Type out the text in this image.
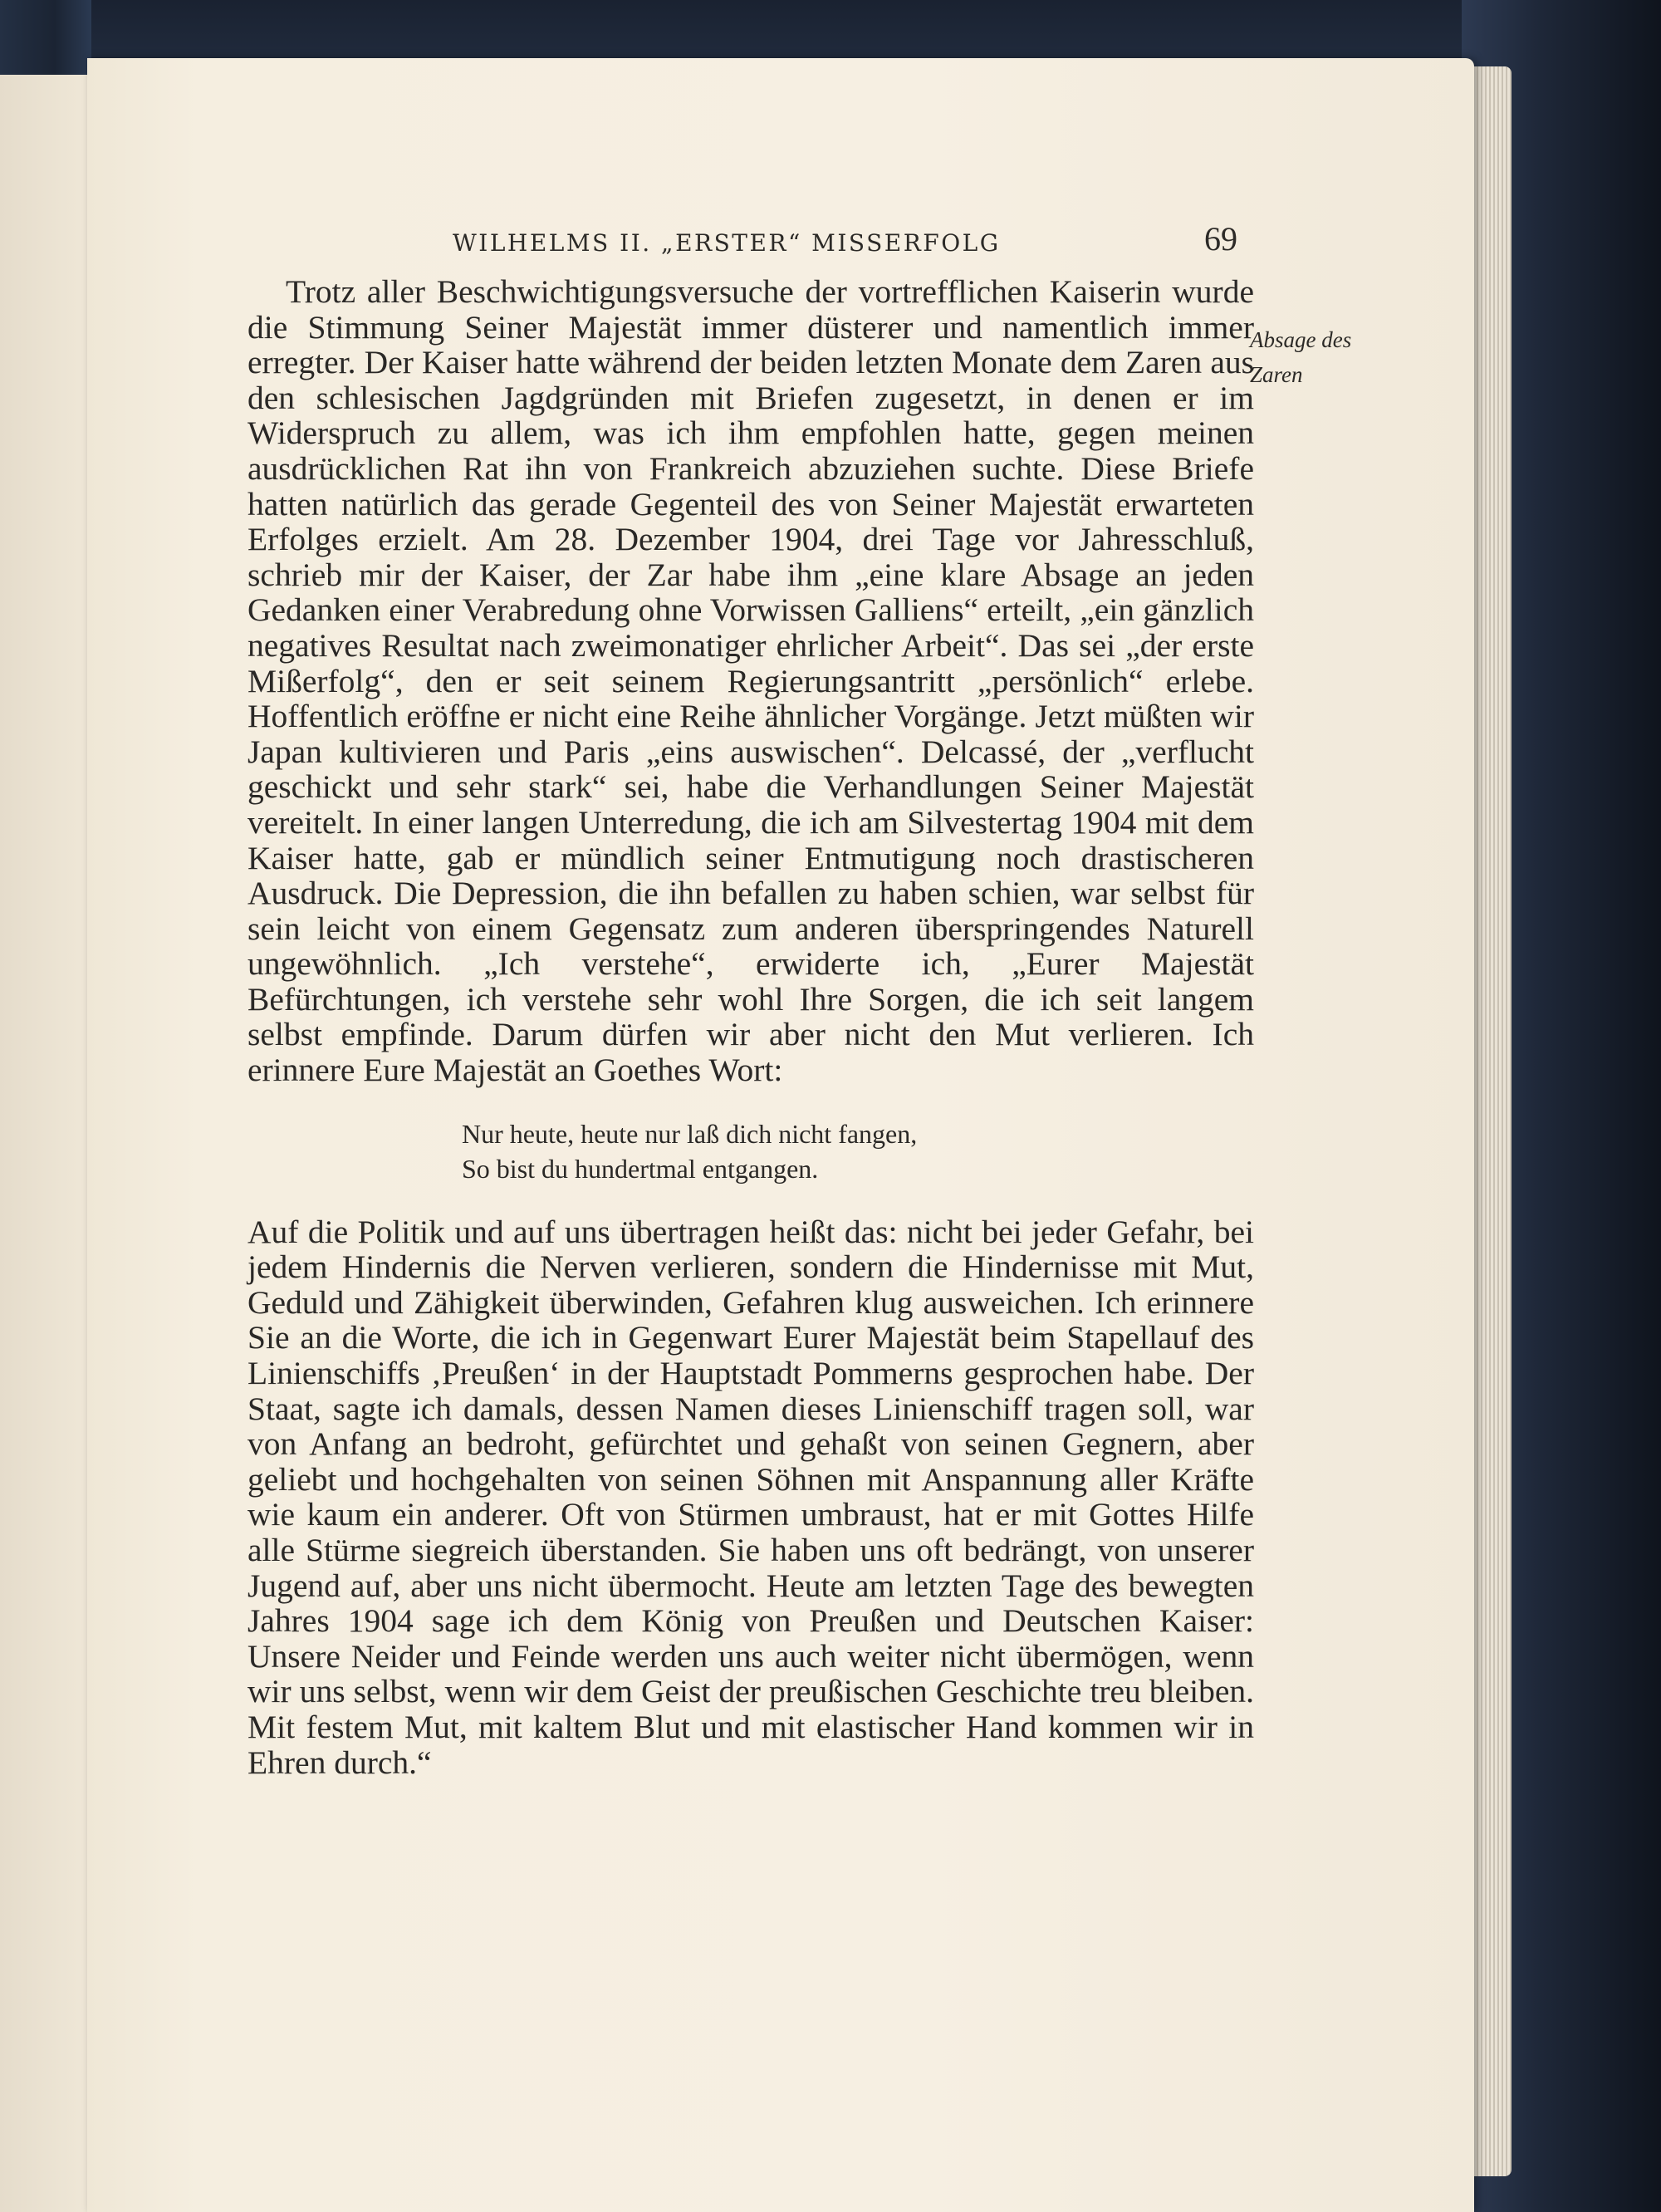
WILHELMS II. „ERSTER“ MISSERFOLG	69
Absage des
Zaren

Trotz aller Beschwichtigungsversuche der vortrefflichen Kaiserin wurde die Stimmung Seiner Majestät immer düsterer und namentlich immer erregter. Der Kaiser hatte während der beiden letzten Monate dem Zaren aus den schlesischen Jagdgründen mit Briefen zugesetzt, in denen er im Widerspruch zu allem, was ich ihm empfohlen hatte, gegen meinen ausdrücklichen Rat ihn von Frankreich abzuziehen suchte. Diese Briefe hatten natürlich das gerade Gegenteil des von Seiner Majestät erwarteten Erfolges erzielt. Am 28. Dezember 1904, drei Tage vor Jahresschluß, schrieb mir der Kaiser, der Zar habe ihm „eine klare Absage an jeden Gedanken einer Verabredung ohne Vorwissen Galliens“ erteilt, „ein gänzlich negatives Resultat nach zweimonatiger ehrlicher Arbeit“. Das sei „der erste Mißerfolg“, den er seit seinem Regierungsantritt „persönlich“ erlebe. Hoffentlich eröffne er nicht eine Reihe ähnlicher Vorgänge. Jetzt müßten wir Japan kultivieren und Paris „eins auswischen“. Delcassé, der „verflucht geschickt und sehr stark“ sei, habe die Verhandlungen Seiner Majestät vereitelt. In einer langen Unterredung, die ich am Silvestertag 1904 mit dem Kaiser hatte, gab er mündlich seiner Entmutigung noch drastischeren Ausdruck. Die Depression, die ihn befallen zu haben schien, war selbst für sein leicht von einem Gegensatz zum anderen überspringendes Naturell ungewöhnlich. „Ich verstehe“, erwiderte ich, „Eurer Majestät Befürchtungen, ich verstehe sehr wohl Ihre Sorgen, die ich seit langem selbst empfinde. Darum dürfen wir aber nicht den Mut verlieren. Ich erinnere Eure Majestät an Goethes Wort:

Nur heute, heute nur laß dich nicht fangen,
So bist du hundertmal entgangen.

Auf die Politik und auf uns übertragen heißt das: nicht bei jeder Gefahr, bei jedem Hindernis die Nerven verlieren, sondern die Hindernisse mit Mut, Geduld und Zähigkeit überwinden, Gefahren klug ausweichen. Ich erinnere Sie an die Worte, die ich in Gegenwart Eurer Majestät beim Stapellauf des Linienschiffs ‚Preußen‘ in der Hauptstadt Pommerns gesprochen habe. Der Staat, sagte ich damals, dessen Namen dieses Linienschiff tragen soll, war von Anfang an bedroht, gefürchtet und gehaßt von seinen Gegnern, aber geliebt und hochgehalten von seinen Söhnen mit Anspannung aller Kräfte wie kaum ein anderer. Oft von Stürmen umbraust, hat er mit Gottes Hilfe alle Stürme siegreich überstanden. Sie haben uns oft bedrängt, von unserer Jugend auf, aber uns nicht übermocht. Heute am letzten Tage des bewegten Jahres 1904 sage ich dem König von Preußen und Deutschen Kaiser: Unsere Neider und Feinde werden uns auch weiter nicht übermögen, wenn wir uns selbst, wenn wir dem Geist der preußischen Geschichte treu bleiben. Mit festem Mut, mit kaltem Blut und mit elastischer Hand kommen wir in Ehren durch.“
